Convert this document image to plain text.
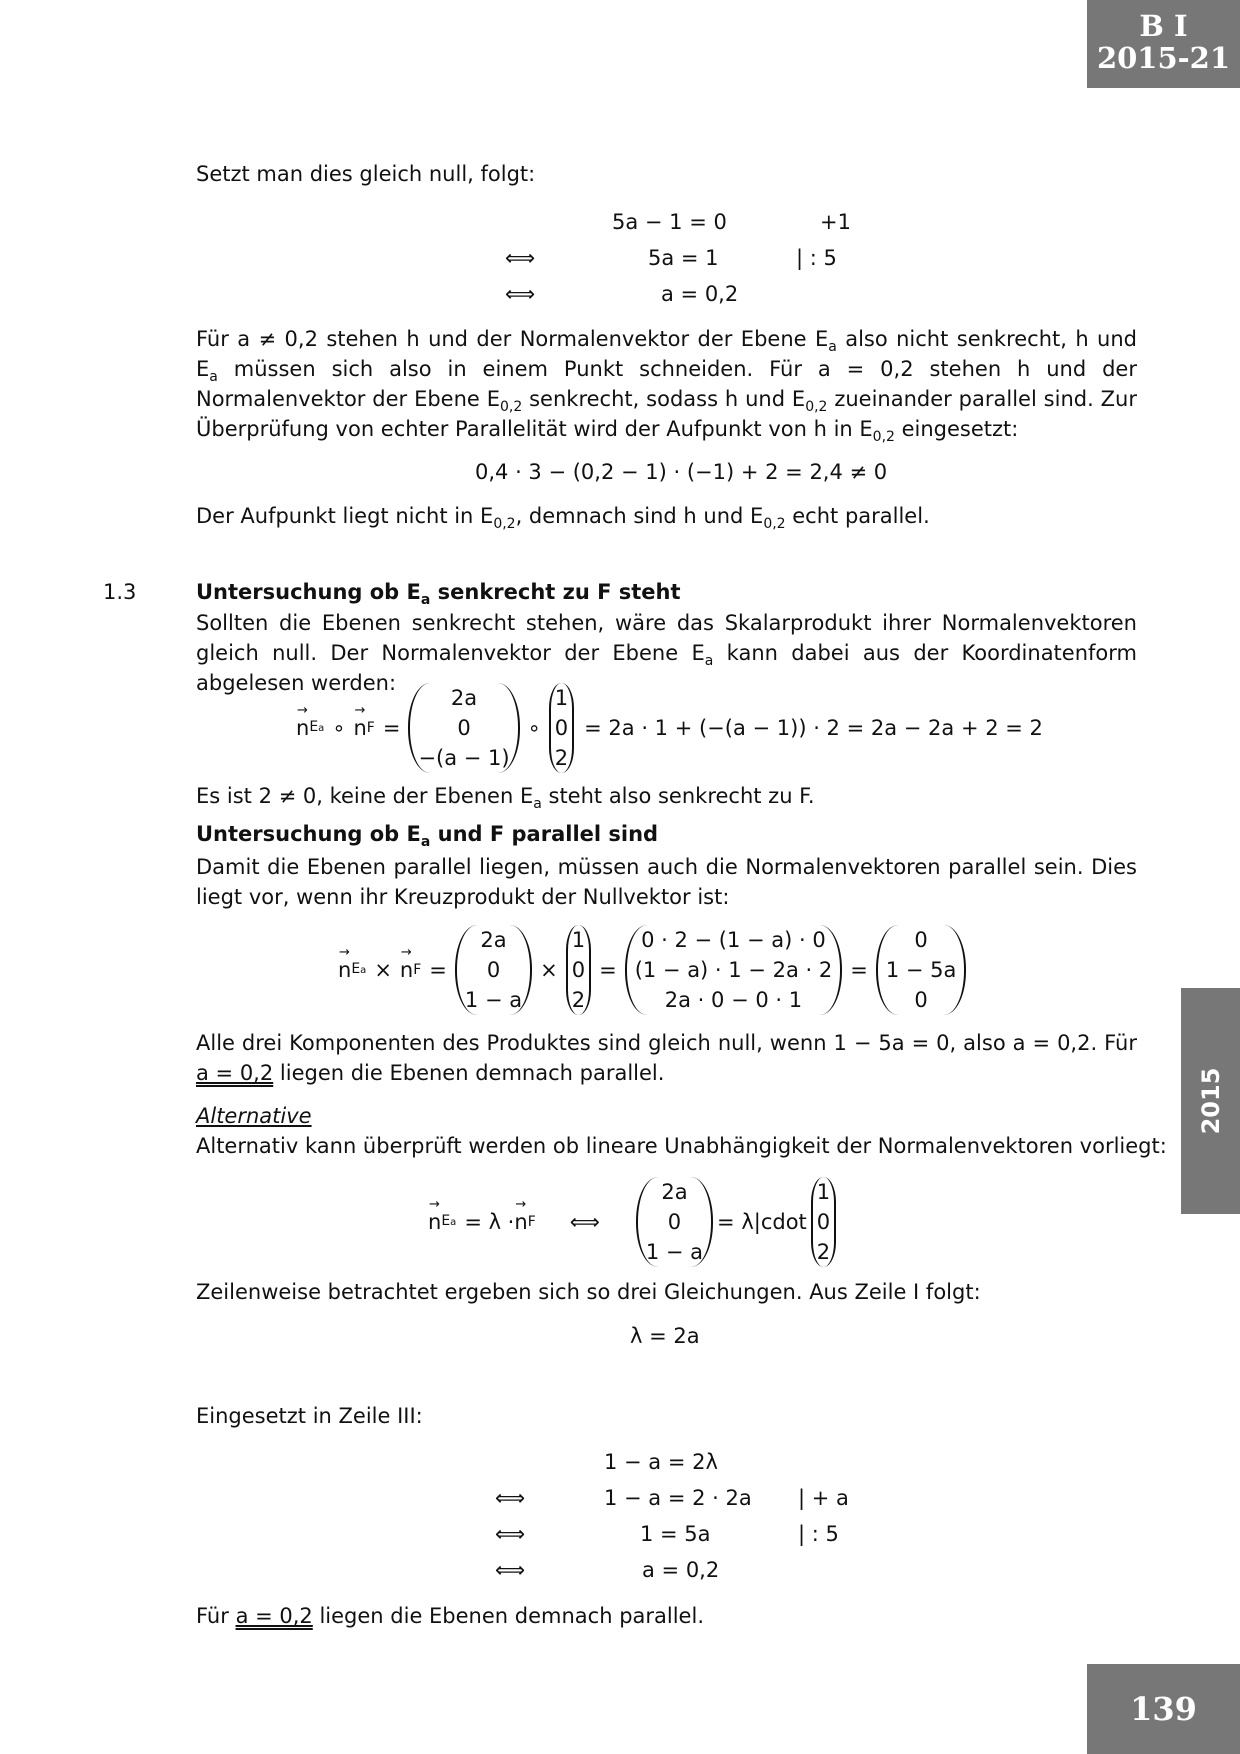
B I
2015-21
2015
139
Setzt man dies gleich null, folgt:
5a − 1 = 0	+1
⟺	5a = 1	| : 5
⟺	a = 0,2
Für a ≠ 0,2 stehen h und der Normalenvektor der Ebene $E_a$ also nicht senkrecht, h und $E_a$ müssen sich also in einem Punkt schneiden. Für a = 0,2 stehen h und der Normalenvektor der Ebene $E_{0,2}$ senkrecht, sodass h und $E_{0,2}$ zueinander parallel sind. Zur Überprüfung von echter Parallelität wird der Aufpunkt von h in $E_{0,2}$ eingesetzt:
0,4 · 3 − (0,2 − 1) · (−1) + 2 = 2,4 ≠ 0
Der Aufpunkt liegt nicht in $E_{0,2}$, demnach sind h und $E_{0,2}$ echt parallel.
1.3	Untersuchung ob $E_a$ senkrecht zu F steht
Sollten die Ebenen senkrecht stehen, wäre das Skalarprodukt ihrer Normalenvektoren gleich null. Der Normalenvektor der Ebene $E_a$ kann dabei aus der Koordinatenform abgelesen werden:
→ n Ea ∘ → n F =
2a
0
−(a − 1)
∘
1
0
2
= 2a · 1 + (−(a − 1)) · 2 = 2a − 2a + 2 = 2
Es ist 2 ≠ 0, keine der Ebenen $E_a$ steht also senkrecht zu F.
Untersuchung ob $E_a$ und F parallel sind
Damit die Ebenen parallel liegen, müssen auch die Normalenvektoren parallel sein. Dies liegt vor, wenn ihr Kreuzprodukt der Nullvektor ist:
→ n Ea × → n F =
2a
0
1 − a
×
1
0
2
=
0 · 2 − (1 − a) · 0
(1 − a) · 1 − 2a · 2
2a · 0 − 0 · 1
=
0
1 − 5a
0
Alle drei Komponenten des Produktes sind gleich null, wenn 1 − 5a = 0, also a = 0,2. Für a = 0,2 liegen die Ebenen demnach parallel.
Alternative
Alternativ kann überprüft werden ob lineare Unabhängigkeit der Normalenvektoren vorliegt:
→ n Ea = λ · → n F	⟺
2a
0
1 − a
= λ|cdot
1
0
2
Zeilenweise betrachtet ergeben sich so drei Gleichungen. Aus Zeile I folgt:
λ = 2a
Eingesetzt in Zeile III:
1 − a = 2λ
⟺	1 − a = 2 · 2a | + a
⟺	1 = 5a	| : 5
⟺	a = 0,2
Für a = 0,2 liegen die Ebenen demnach parallel.
